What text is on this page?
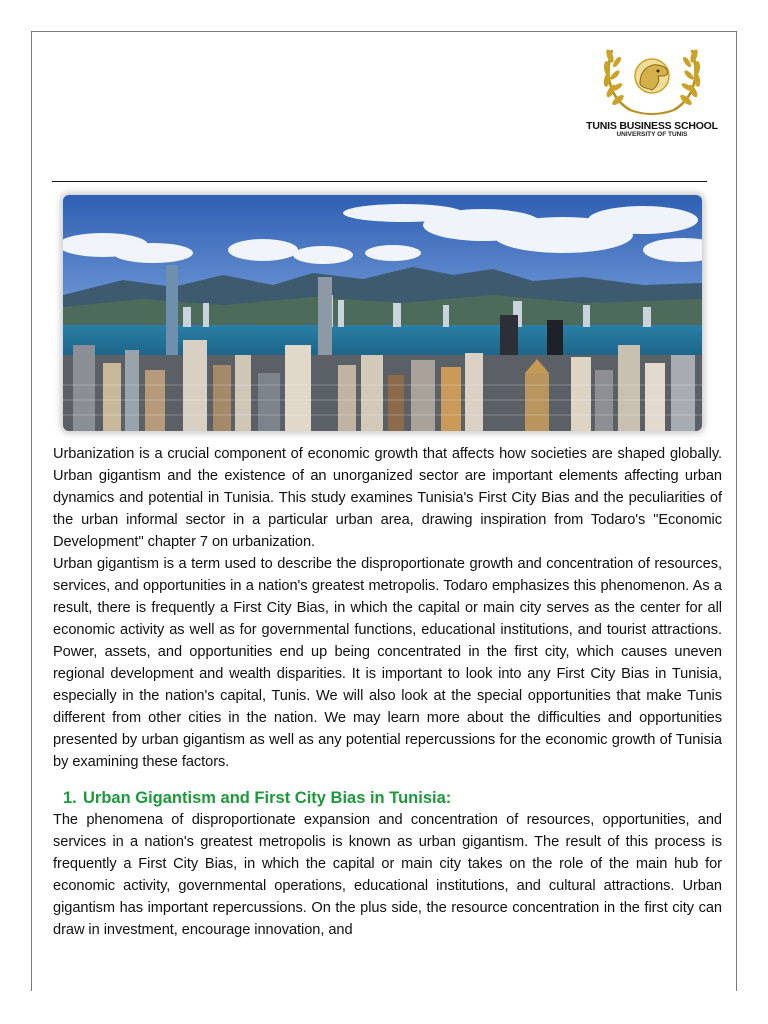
TUNIS BUSINESS SCHOOL
UNIVERSITY OF TUNIS

Urbanization is a crucial component of economic growth that affects how societies are shaped globally. Urban gigantism and the existence of an unorganized sector are important elements affecting urban dynamics and potential in Tunisia. This study examines Tunisia's First City Bias and the peculiarities of the urban informal sector in a particular urban area, drawing inspiration from Todaro's "Economic Development" chapter 7 on urbanization.

Urban gigantism is a term used to describe the disproportionate growth and concentration of resources, services, and opportunities in a nation's greatest metropolis. Todaro emphasizes this phenomenon. As a result, there is frequently a First City Bias, in which the capital or main city serves as the center for all economic activity as well as for governmental functions, educational institutions, and tourist attractions. Power, assets, and opportunities end up being concentrated in the first city, which causes uneven regional development and wealth disparities. It is important to look into any First City Bias in Tunisia, especially in the nation's capital, Tunis. We will also look at the special opportunities that make Tunis different from other cities in the nation. We may learn more about the difficulties and opportunities presented by urban gigantism as well as any potential repercussions for the economic growth of Tunisia by examining these factors.

1. Urban Gigantism and First City Bias in Tunisia:

The phenomena of disproportionate expansion and concentration of resources, opportunities, and services in a nation's greatest metropolis is known as urban gigantism. The result of this process is frequently a First City Bias, in which the capital or main city takes on the role of the main hub for economic activity, governmental operations, educational institutions, and cultural attractions. Urban gigantism has important repercussions. On the plus side, the resource concentration in the first city can draw in investment, encourage innovation, and
